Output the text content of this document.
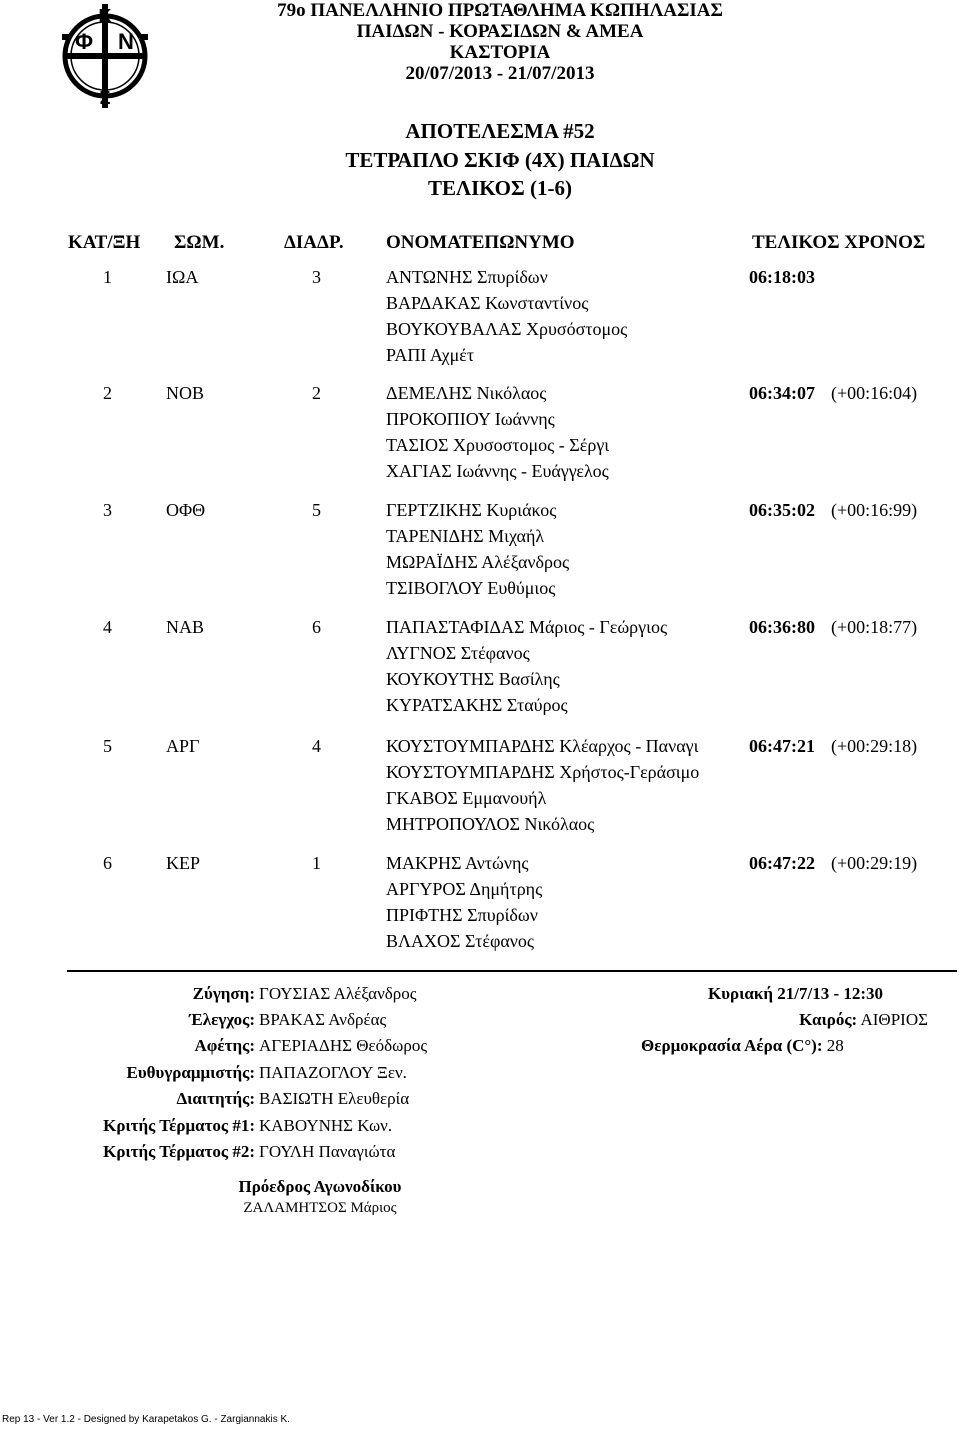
Κ
Φ Ν
Σ
79ο ΠΑΝΕΛΛΗΝΙΟ ΠΡΩΤΑΘΛΗΜΑ ΚΩΠΗΛΑΣΙΑΣ
ΠΑΙΔΩΝ - ΚΟΡΑΣΙΔΩΝ & ΑΜΕΑ
ΚΑΣΤΟΡΙΑ
20/07/2013 - 21/07/2013
ΑΠΟΤΕΛΕΣΜΑ #52
ΤΕΤΡΑΠΛΟ ΣΚΙΦ (4Χ) ΠΑΙΔΩΝ
ΤΕΛΙΚΟΣ (1-6)
ΚΑΤ/ΞΗ ΣΩΜ.	ΔΙΑΔΡ. ΟΝΟΜΑΤΕΠΩΝΥΜΟ	ΤΕΛΙΚΟΣ ΧΡΟΝΟΣ
1	ΙΩΑ	3	ΑΝΤΩΝΗΣ Σπυρίδων
ΒΑΡΔΑΚΑΣ Κωνσταντίνος
ΒΟΥΚΟΥΒΑΛΑΣ Χρυσόστομος
ΡΑΠΙ Αχμέτ
06:18:03
2	ΝΟΒ	2	ΔΕΜΕΛΗΣ Νικόλαος
ΠΡΟΚΟΠΙΟΥ Ιωάννης
ΤΑΣΙΟΣ Χρυσοστομος - Σέργι
ΧΑΓΙΑΣ Ιωάννης - Ευάγγελος
06:34:07 (+00:16:04)
3	ΟΦΘ	5	ΓΕΡΤΖΙΚΗΣ Κυριάκος
ΤΑΡΕΝΙΔΗΣ Μιχαήλ
ΜΩΡΑΪΔΗΣ Αλέξανδρος
ΤΣΙΒΟΓΛΟΥ Ευθύμιος
06:35:02 (+00:16:99)
4	ΝΑΒ	6	ΠΑΠΑΣΤΑΦΙΔΑΣ Μάριος - Γεώργιος
ΛΥΓΝΟΣ Στέφανος
ΚΟΥΚΟΥΤΗΣ Βασίλης
ΚΥΡΑΤΣΑΚΗΣ Σταύρος
06:36:80 (+00:18:77)
5	ΑΡΓ	4	ΚΟΥΣΤΟΥΜΠΑΡΔΗΣ Κλέαρχος - Παναγι
ΚΟΥΣΤΟΥΜΠΑΡΔΗΣ Χρήστος-Γεράσιμο
ΓΚΑΒΟΣ Εμμανουήλ
ΜΗΤΡΟΠΟΥΛΟΣ Νικόλαος
06:47:21 (+00:29:18)
6	ΚΕΡ	1	ΜΑΚΡΗΣ Αντώνης
ΑΡΓΥΡΟΣ Δημήτρης
ΠΡΙΦΤΗΣ Σπυρίδων
ΒΛΑΧΟΣ Στέφανος
06:47:22 (+00:29:19)
Ζύγηση: ΓΟΥΣΙΑΣ Αλέξανδρος
Έλεγχος: ΒΡΑΚΑΣ Ανδρέας
Αφέτης: ΑΓΕΡΙΑΔΗΣ Θεόδωρος
Ευθυγραμμιστής: ΠΑΠΑΖΟΓΛΟΥ Ξεν.
Διαιτητής: ΒΑΣΙΩΤΗ Ελευθερία
Κριτής Τέρματος #1: ΚΑΒΟΥΝΗΣ Κων.
Κριτής Τέρματος #2: ΓΟΥΛΗ Παναγιώτα
Κυριακή 21/7/13 - 12:30
Καιρός: ΑΙΘΡΙΟΣ
Θερμοκρασία Αέρα (C°): 28
Πρόεδρος Αγωνοδίκου
ΖΑΛΑΜΗΤΣΟΣ Μάριος
Rep 13 - Ver 1.2 - Designed by Karapetakos G. - Zargiannakis K.
